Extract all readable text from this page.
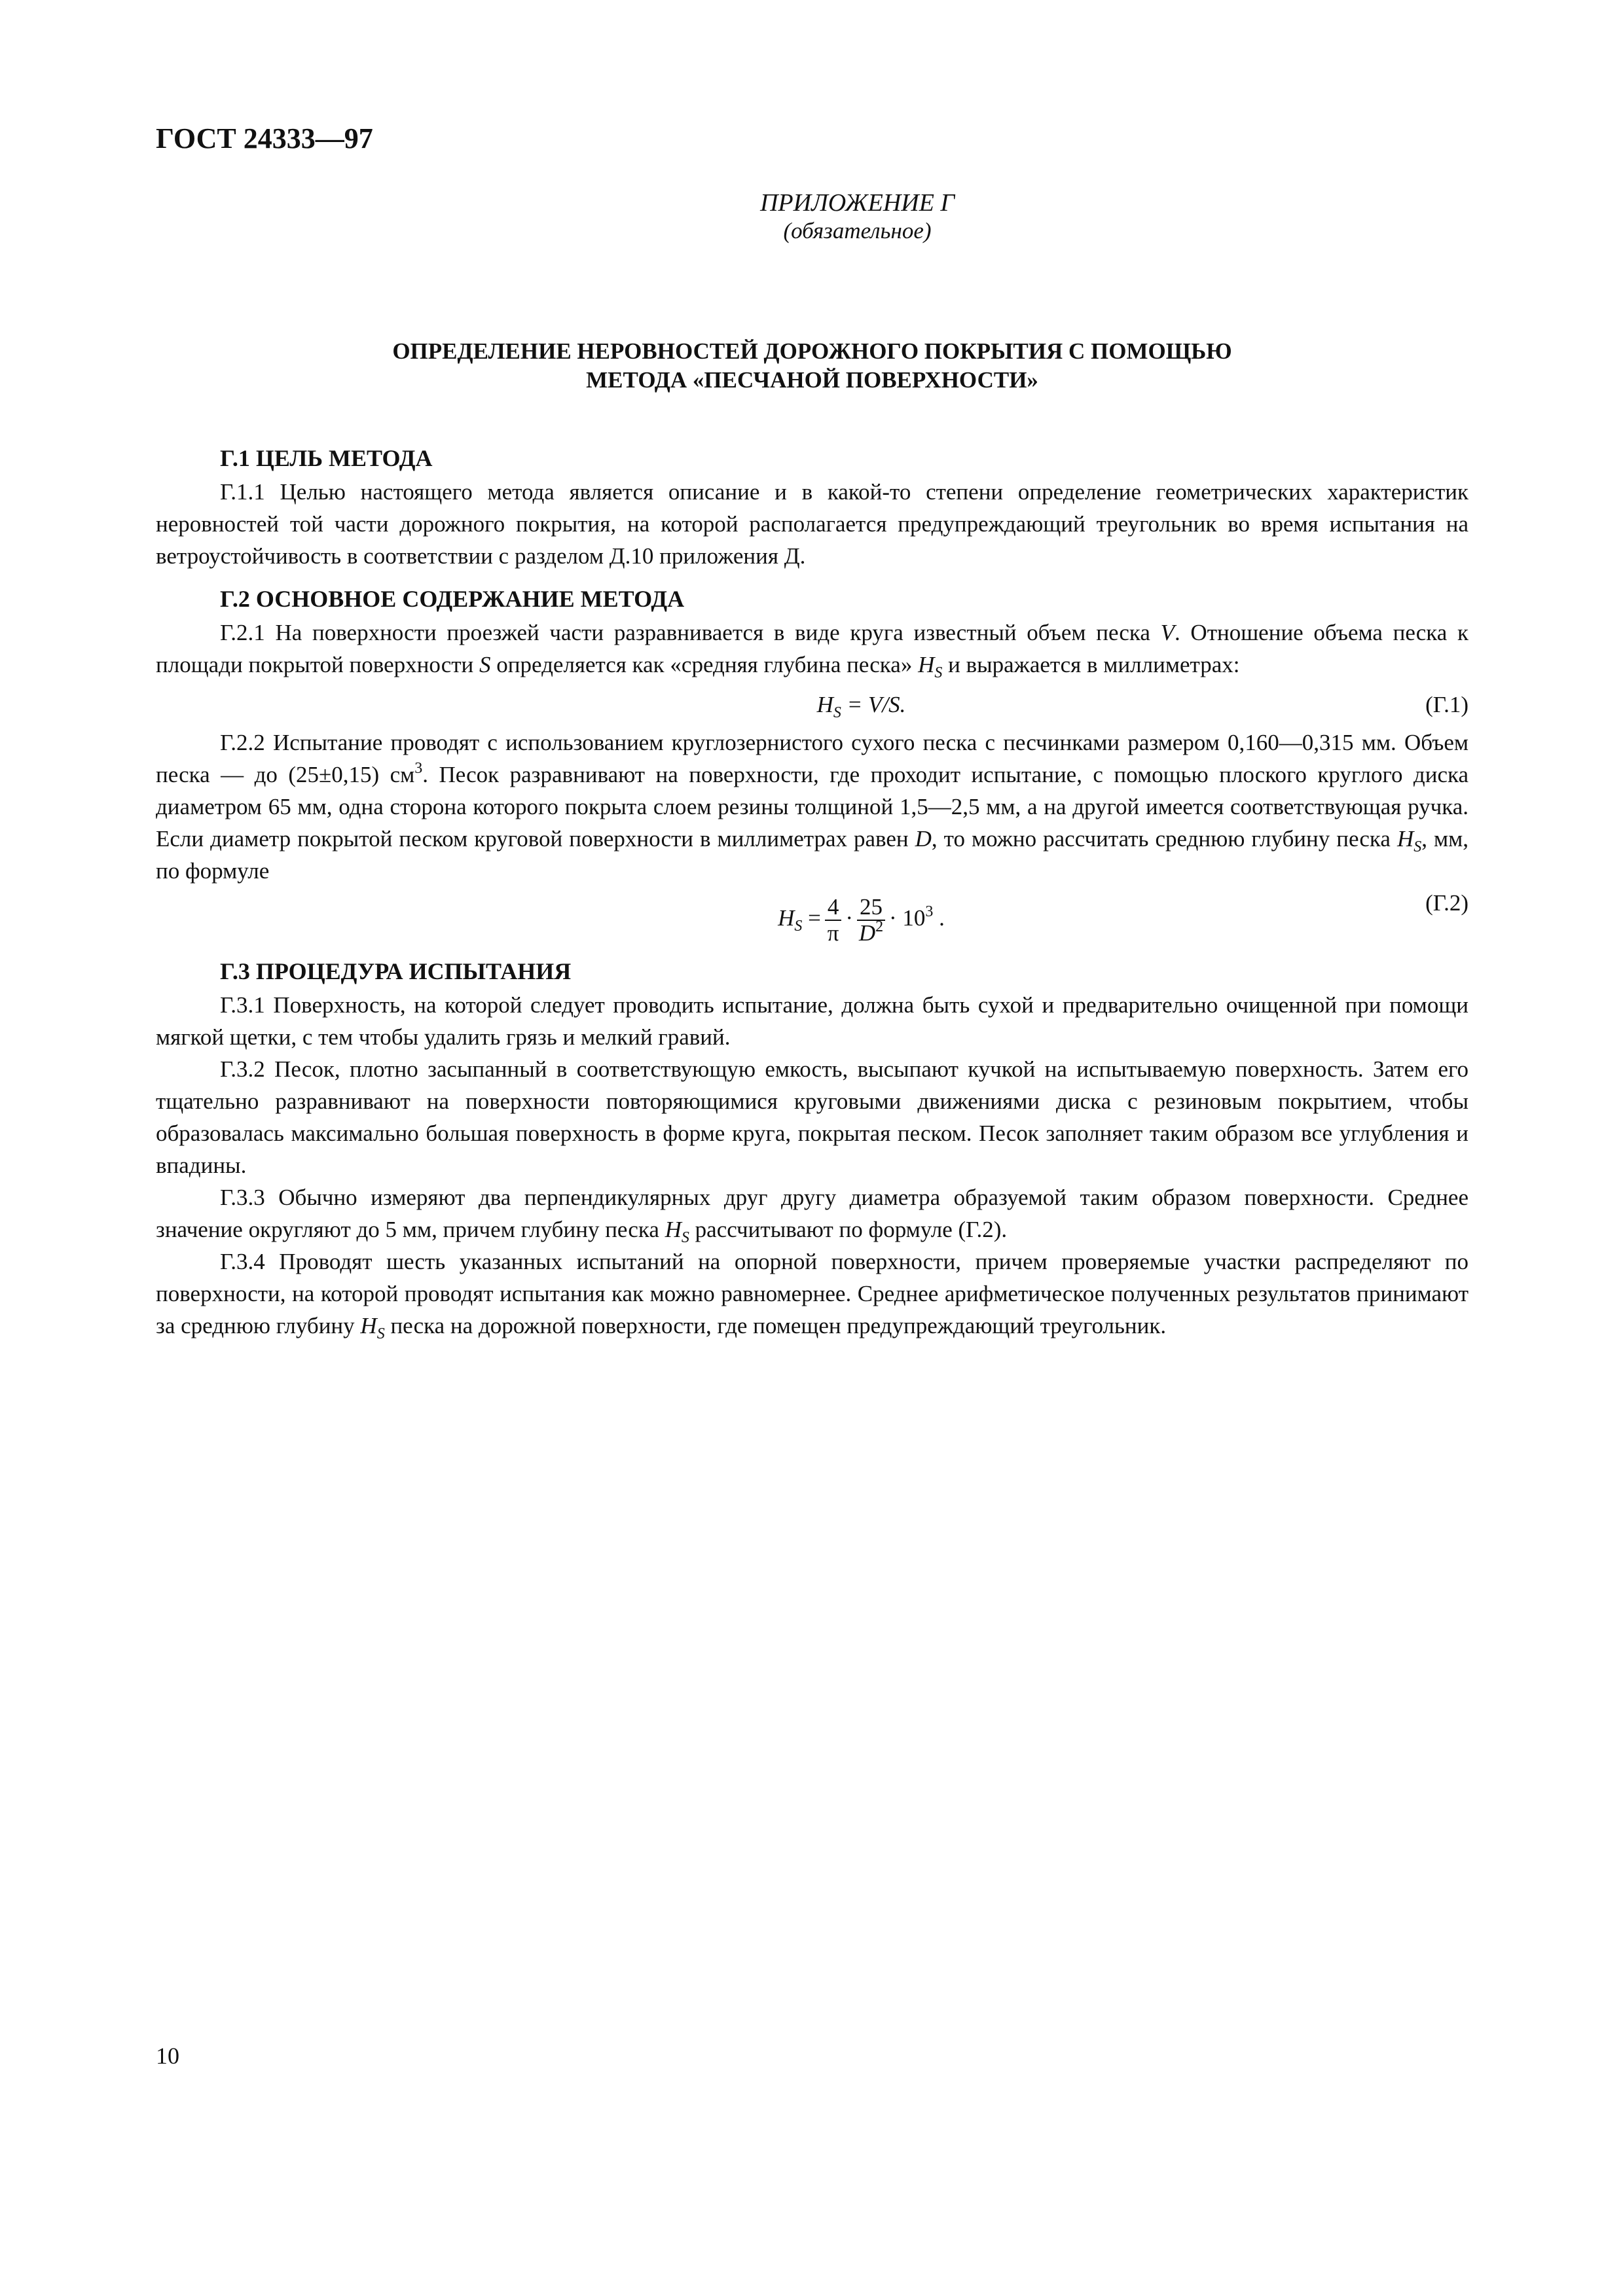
ГОСТ 24333—97

ПРИЛОЖЕНИЕ Г

(обязательное)

ОПРЕДЕЛЕНИЕ НЕРОВНОСТЕЙ ДОРОЖНОГО ПОКРЫТИЯ С ПОМОЩЬЮ
МЕТОДА «ПЕСЧАНОЙ ПОВЕРХНОСТИ»
Г.1 ЦЕЛЬ МЕТОДА

Г.1.1 Целью настоящего метода является описание и в какой-то степени определение геометрических характеристик неровностей той части дорожного покрытия, на которой располагается предупреждающий треугольник во время испытания на ветроустойчивость в соответствии с разделом Д.10 приложения Д.

Г.2 ОСНОВНОЕ СОДЕРЖАНИЕ МЕТОДА

Г.2.1 На поверхности проезжей части разравнивается в виде круга известный объем песка V. Отношение объема песка к площади покрытой поверхности S определяется как «средняя глубина песка» $H_S$ и выражается в миллиметрах:

$H_S = V/S$.	(Г.1)

Г.2.2 Испытание проводят с использованием круглозернистого сухого песка с песчинками размером 0,160—0,315 мм. Объем песка — до (25±0,15) $см^3$. Песок разравнивают на поверхности, где проходит испытание, с помощью плоского круглого диска диаметром 65 мм, одна сторона которого покрыта слоем резины толщиной 1,5—2,5 мм, а на другой имеется соответствующая ручка. Если диаметр покрытой песком круговой поверхности в миллиметрах равен D, то можно рассчитать среднюю глубину песка $H_S$, мм, по формуле

$H_S = \frac{4}{\pi} \cdot \frac{25}{D^2} \cdot 10^3$ .
(Г.2)
Г.3 ПРОЦЕДУРА ИСПЫТАНИЯ

Г.3.1 Поверхность, на которой следует проводить испытание, должна быть сухой и предварительно очищенной при помощи мягкой щетки, с тем чтобы удалить грязь и мелкий гравий.

Г.3.2 Песок, плотно засыпанный в соответствующую емкость, высыпают кучкой на испытываемую поверхность. Затем его тщательно разравнивают на поверхности повторяющимися круговыми движениями диска с резиновым покрытием, чтобы образовалась максимально большая поверхность в форме круга, покрытая песком. Песок заполняет таким образом все углубления и впадины.

Г.3.3 Обычно измеряют два перпендикулярных друг другу диаметра образуемой таким образом поверхности. Среднее значение округляют до 5 мм, причем глубину песка $H_S$ рассчитывают по формуле (Г.2).

Г.3.4 Проводят шесть указанных испытаний на опорной поверхности, причем проверяемые участки распределяют по поверхности, на которой проводят испытания как можно равномернее. Среднее арифметическое полученных результатов принимают за среднюю глубину $H_S$ песка на дорожной поверхности, где помещен предупреждающий треугольник.

10
